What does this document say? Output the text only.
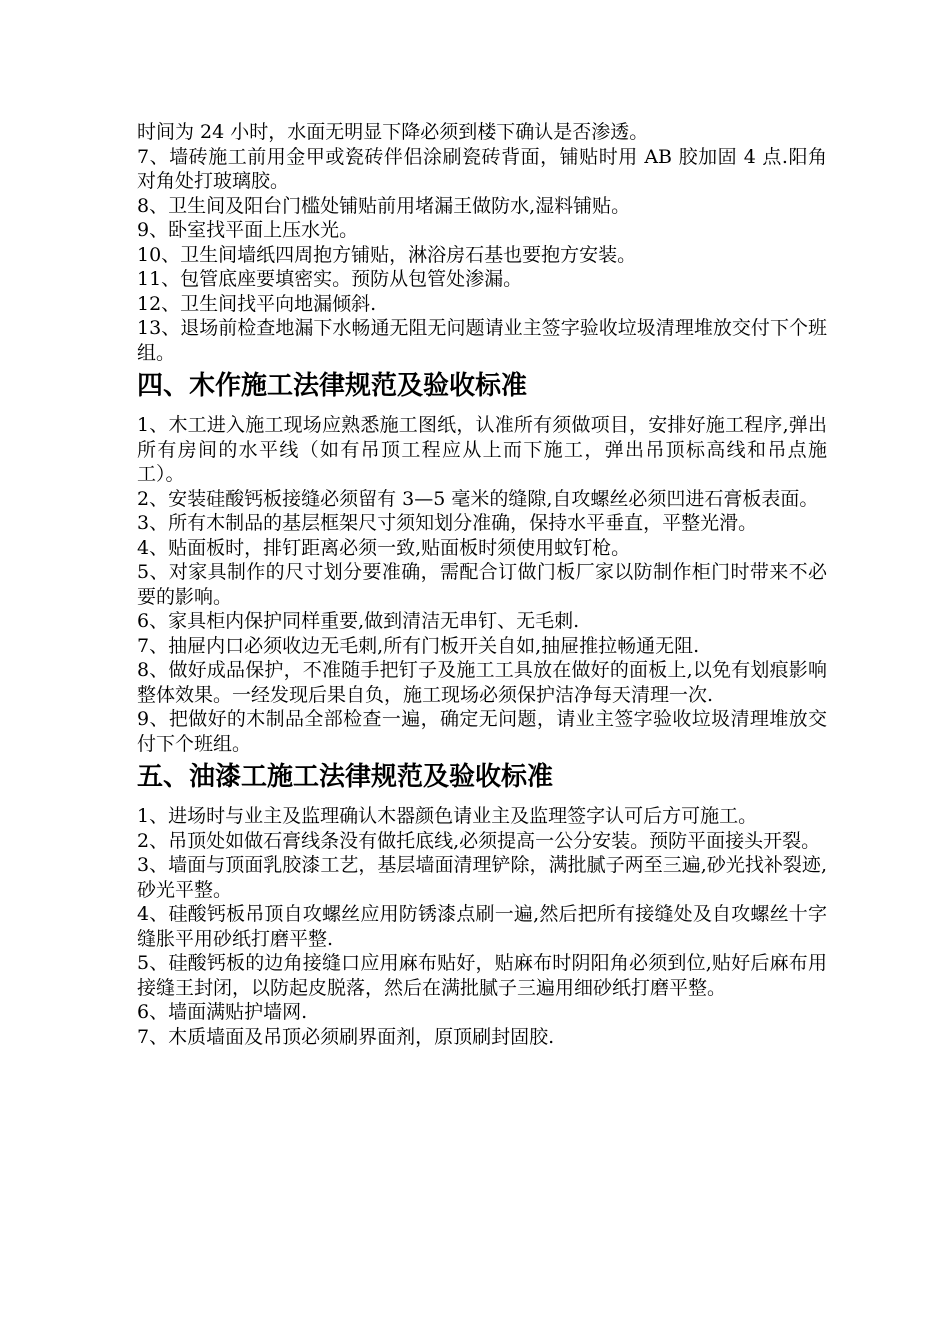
时间为 24 小时，水面无明显下降必须到楼下确认是否渗透。

7、墙砖施工前用金甲或瓷砖伴侣涂刷瓷砖背面，铺贴时用 AB 胶加固 4 点.阳角对角处打玻璃胶。

8、卫生间及阳台门槛处铺贴前用堵漏王做防水,湿料铺贴。

9、卧室找平面上压水光。

10、卫生间墙纸四周抱方铺贴，淋浴房石基也要抱方安装。

11、包管底座要填密实。预防从包管处渗漏。

12、卫生间找平向地漏倾斜.

13、退场前检查地漏下水畅通无阻无问题请业主签字验收垃圾清理堆放交付下个班组。

四、木作施工法律规范及验收标准

1、木工进入施工现场应熟悉施工图纸，认准所有须做项目，安排好施工程序,弹出所有房间的水平线（如有吊顶工程应从上而下施工，弹出吊顶标高线和吊点施工）。

2、安装硅酸钙板接缝必须留有 3—5 毫米的缝隙,自攻螺丝必须凹进石膏板表面。

3、所有木制品的基层框架尺寸须知划分准确，保持水平垂直，平整光滑。

4、贴面板时，排钉距离必须一致,贴面板时须使用蚊钉枪。

5、对家具制作的尺寸划分要准确，需配合订做门板厂家以防制作柜门时带来不必要的影响。

6、家具柜内保护同样重要,做到清洁无串钉、无毛刺.

7、抽屉内口必须收边无毛刺,所有门板开关自如,抽屉推拉畅通无阻.

8、做好成品保护，不准随手把钉子及施工工具放在做好的面板上,以免有划痕影响整体效果。一经发现后果自负，施工现场必须保护洁净每天清理一次.

9、把做好的木制品全部检查一遍，确定无问题，请业主签字验收垃圾清理堆放交付下个班组。

五、油漆工施工法律规范及验收标准

1、进场时与业主及监理确认木器颜色请业主及监理签字认可后方可施工。

2、吊顶处如做石膏线条没有做托底线,必须提高一公分安装。预防平面接头开裂。

3、墙面与顶面乳胶漆工艺，基层墙面清理铲除，满批腻子两至三遍,砂光找补裂迹,砂光平整。

4、硅酸钙板吊顶自攻螺丝应用防锈漆点刷一遍,然后把所有接缝处及自攻螺丝十字缝胀平用砂纸打磨平整.

5、硅酸钙板的边角接缝口应用麻布贴好，贴麻布时阴阳角必须到位,贴好后麻布用接缝王封闭，以防起皮脱落，然后在满批腻子三遍用细砂纸打磨平整。

6、墙面满贴护墙网.

7、木质墙面及吊顶必须刷界面剂，原顶刷封固胶.
